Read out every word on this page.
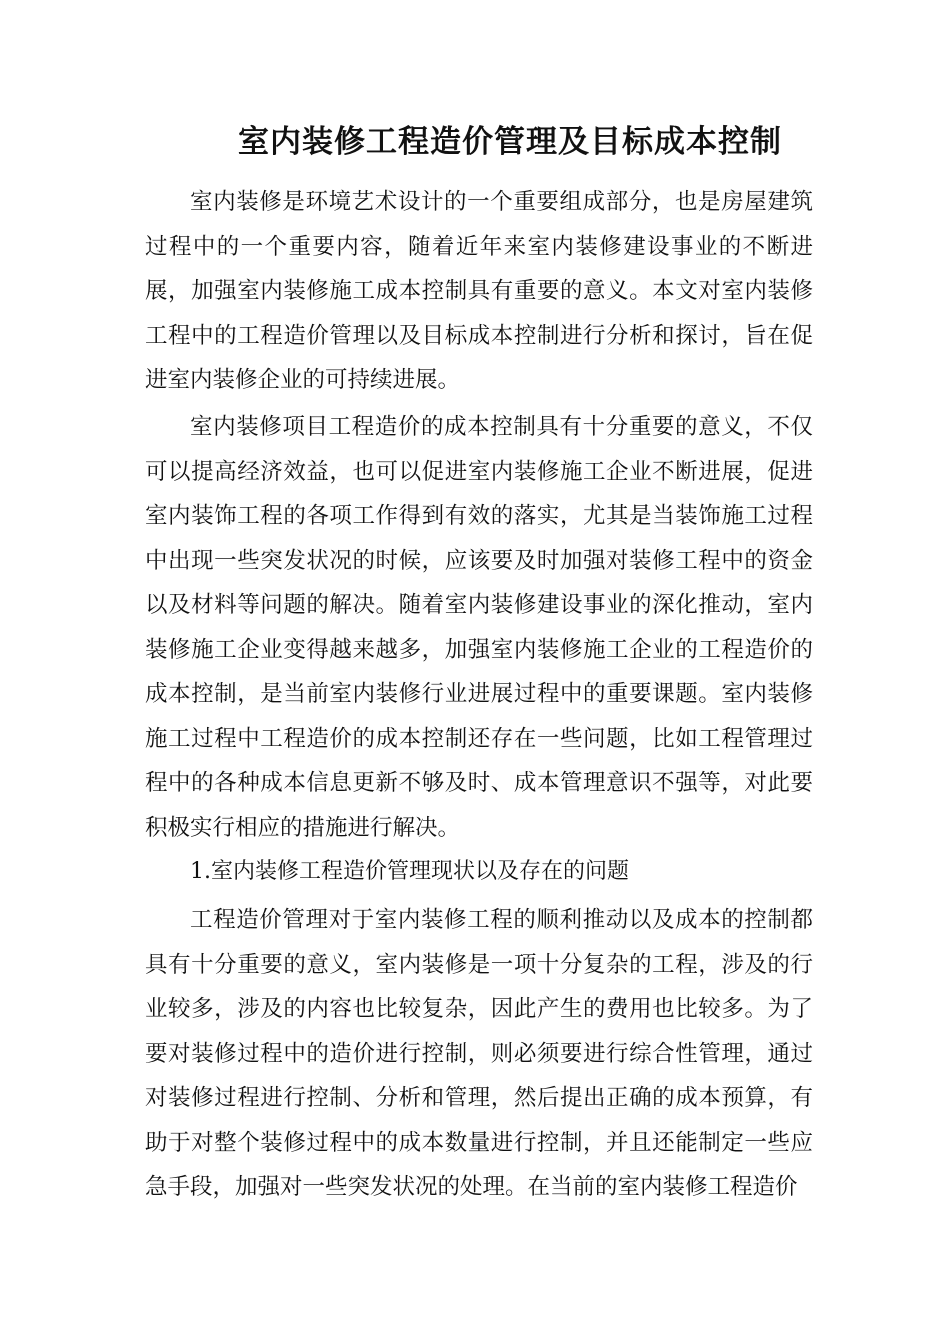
室内装修工程造价管理及目标成本控制

室内装修是环境艺术设计的一个重要组成部分，也是房屋建筑过程中的一个重要内容，随着近年来室内装修建设事业的不断进展，加强室内装修施工成本控制具有重要的意义。本文对室内装修工程中的工程造价管理以及目标成本控制进行分析和探讨，旨在促进室内装修企业的可持续进展。

室内装修项目工程造价的成本控制具有十分重要的意义，不仅可以提高经济效益，也可以促进室内装修施工企业不断进展，促进室内装饰工程的各项工作得到有效的落实，尤其是当装饰施工过程中出现一些突发状况的时候，应该要及时加强对装修工程中的资金以及材料等问题的解决。随着室内装修建设事业的深化推动，室内装修施工企业变得越来越多，加强室内装修施工企业的工程造价的成本控制，是当前室内装修行业进展过程中的重要课题。室内装修施工过程中工程造价的成本控制还存在一些问题，比如工程管理过程中的各种成本信息更新不够及时、成本管理意识不强等，对此要积极实行相应的措施进行解决。

1.室内装修工程造价管理现状以及存在的问题

工程造价管理对于室内装修工程的顺利推动以及成本的控制都具有十分重要的意义，室内装修是一项十分复杂的工程，涉及的行业较多，涉及的内容也比较复杂，因此产生的费用也比较多。为了要对装修过程中的造价进行控制，则必须要进行综合性管理，通过对装修过程进行控制、分析和管理，然后提出正确的成本预算，有助于对整个装修过程中的成本数量进行控制，并且还能制定一些应急手段，加强对一些突发状况的处理。在当前的室内装修工程造价
